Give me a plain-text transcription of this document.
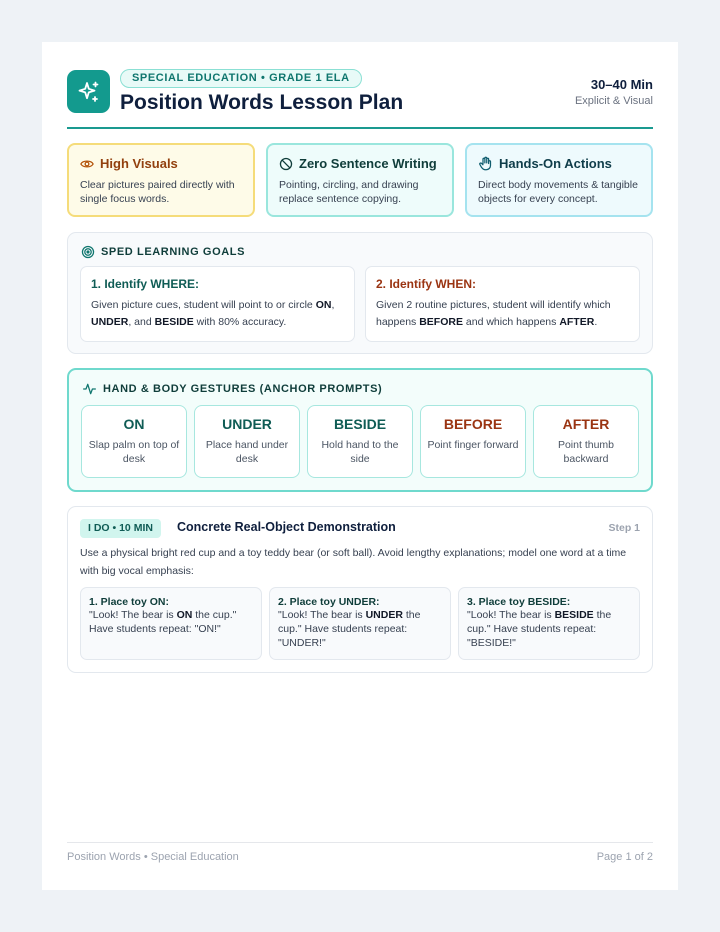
SPECIAL EDUCATION • GRADE 1 ELA
Position Words Lesson Plan
30–40 Min
Explicit & Visual
High Visuals
Clear pictures paired directly with single focus words.
Zero Sentence Writing
Pointing, circling, and drawing replace sentence copying.
Hands-On Actions
Direct body movements & tangible objects for every concept.
SPED LEARNING GOALS
1. Identify WHERE:
Given picture cues, student will point to or circle ON, UNDER, and BESIDE with 80% accuracy.
2. Identify WHEN:
Given 2 routine pictures, student will identify which happens BEFORE and which happens AFTER.
HAND & BODY GESTURES (ANCHOR PROMPTS)
ON
Slap palm on top of desk
UNDER
Place hand under desk
BESIDE
Hold hand to the side
BEFORE
Point finger forward
AFTER
Point thumb backward
I DO • 10 MIN	Concrete Real-Object Demonstration	Step 1
Use a physical bright red cup and a toy teddy bear (or soft ball). Avoid lengthy explanations; model one word at a time with big vocal emphasis:
1. Place toy ON:
"Look! The bear is ON the cup." Have students repeat: "ON!"
2. Place toy UNDER:
"Look! The bear is UNDER the cup." Have students repeat: "UNDER!"
3. Place toy BESIDE:
"Look! The bear is BESIDE the cup." Have students repeat: "BESIDE!"
Position Words • Special Education	Page 1 of 2
